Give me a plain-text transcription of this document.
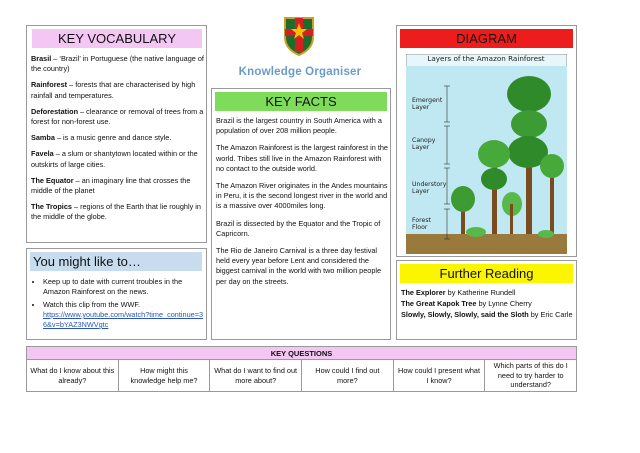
KEY VOCABULARY

Brasil – ‘Brazil’ in Portuguese (the native language of the country)

Rainforest – forests that are characterised by high rainfall and temperatures.

Deforestation – clearance or removal of trees from a forest for non-forest use.

Samba – is a music genre and dance style.

Favela – a slum or shantytown located within or the outskirts of large cities.

The Equator – an imaginary line that crosses the middle of the planet

The Tropics – regions of the Earth that lie roughly in the middle of the globe.

You might like to…
• Keep up to date with current troubles in the Amazon Rainforest on the news.
• Watch this clip from the WWF.
https://www.youtube.com/watch?time_continue=36&v=bYAZ3NWVgtc
Knowledge Organiser
KEY FACTS

Brazil is the largest country in South America with a population of over 208 million people.

The Amazon Rainforest is the largest rainforest in the world. Tribes still live in the Amazon Rainforest with no contact to the outside world.

The Amazon River originates in the Andes mountains in Peru, it is the second longest river in the world and is a massive over 4000miles long.

Brazil is dissected by the Equator and the Tropic of Capricorn.

The Rio de Janeiro Carnival is a three day festival held every year before Lent and considered the biggest carnival in the world with two million people per day on the streets.

DIAGRAM
Layers of the Amazon Rainforest
Emergent
Layer
Canopy
Layer
Understory
Layer
Forest
Floor
Further Reading

The Explorer by Katherine Rundell

The Great Kapok Tree by Lynne Cherry

Slowly, Slowly, Slowly, said the Sloth by Eric Carle

KEY QUESTIONS
What do I know about this already?
How might this knowledge help me?
What do I want to find out more about?
How could I find out more?
How could I present what I know?
Which parts of this do I need to try harder to understand?
